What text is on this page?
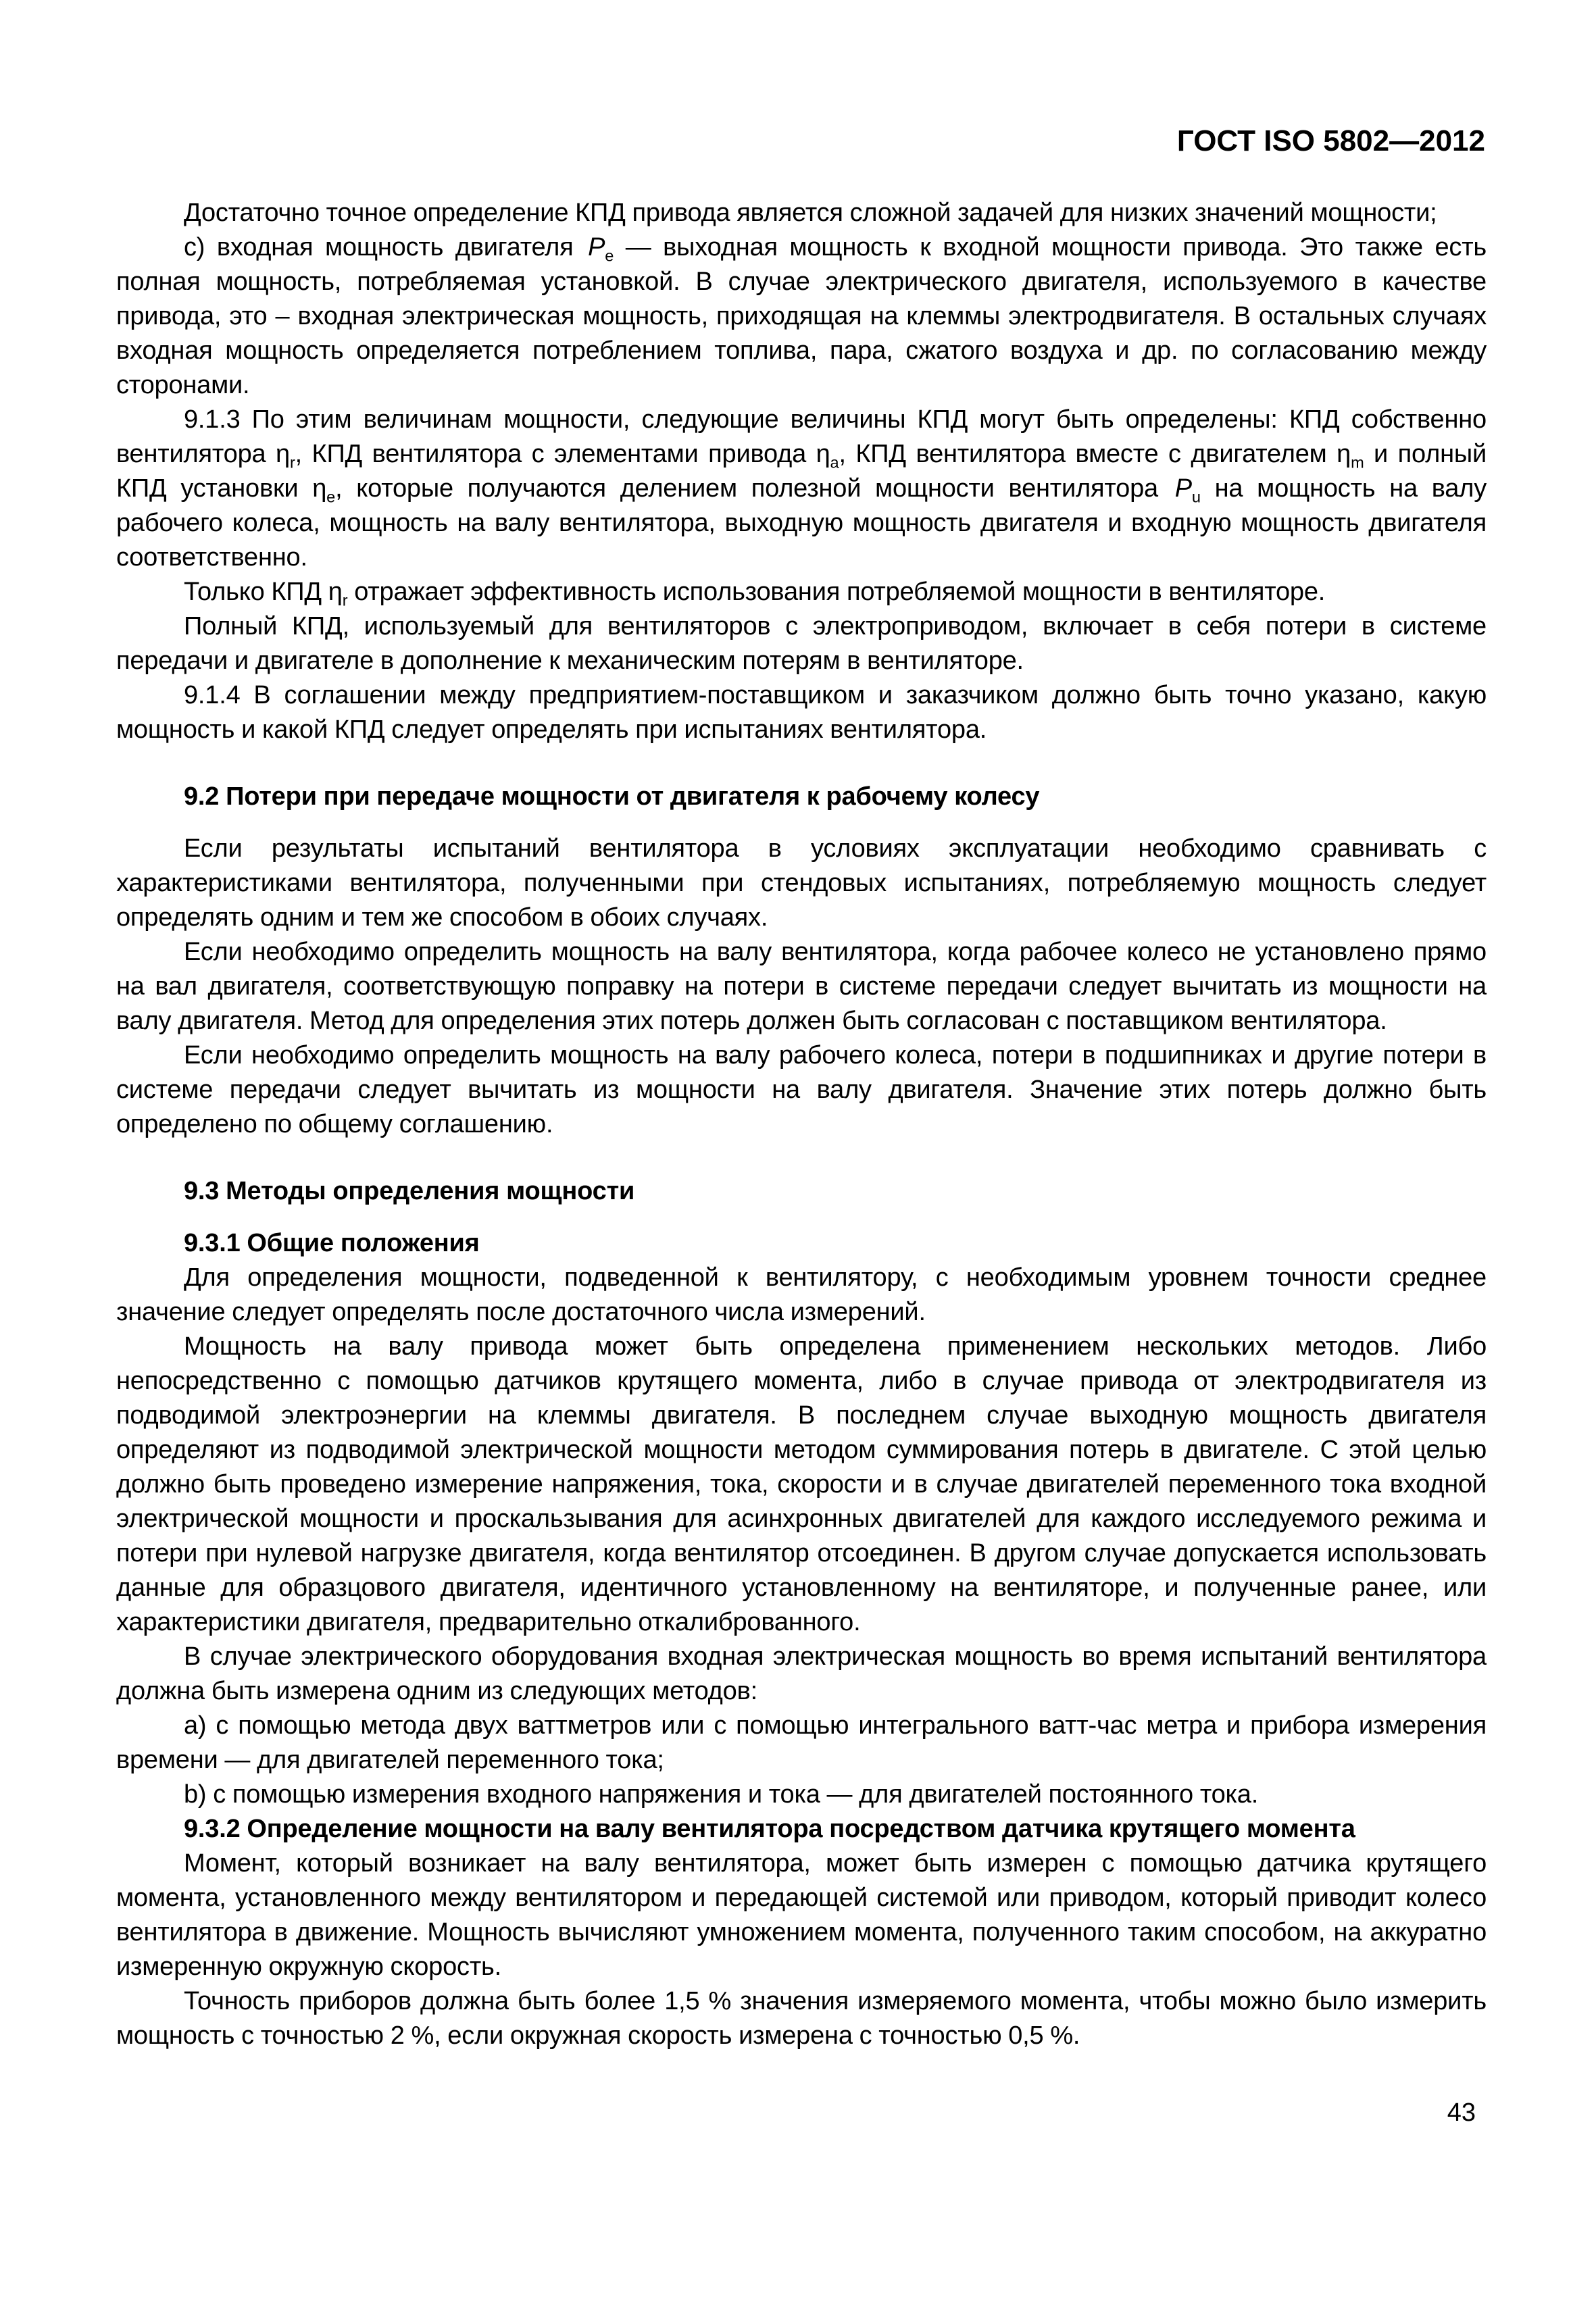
ГОСТ ISO 5802—2012

Достаточно точное определение КПД привода является сложной задачей для низких значений мощности;

c) входная мощность двигателя $P_e$ — выходная мощность к входной мощности привода. Это также есть полная мощность, потребляемая установкой. В случае электрического двигателя, используемого в качестве привода, это – входная электрическая мощность, приходящая на клеммы электродвигателя. В остальных случаях входная мощность определяется потреблением топлива, пара, сжатого воздуха и др. по согласованию между сторонами.

9.1.3 По этим величинам мощности, следующие величины КПД могут быть определены: КПД собственно вентилятора $\eta_r$, КПД вентилятора с элементами привода $\eta_a$, КПД вентилятора вместе с двигателем $\eta_m$ и полный КПД установки $\eta_e$, которые получаются делением полезной мощности вентилятора $P_u$ на мощность на валу рабочего колеса, мощность на валу вентилятора, выходную мощность двигателя и входную мощность двигателя соответственно.

Только КПД $\eta_r$ отражает эффективность использования потребляемой мощности в вентиляторе.

Полный КПД, используемый для вентиляторов с электроприводом, включает в себя потери в системе передачи и двигателе в дополнение к механическим потерям в вентиляторе.

9.1.4 В соглашении между предприятием-поставщиком и заказчиком должно быть точно указано, какую мощность и какой КПД следует определять при испытаниях вентилятора.

9.2 Потери при передаче мощности от двигателя к рабочему колесу

Если результаты испытаний вентилятора в условиях эксплуатации необходимо сравнивать с характеристиками вентилятора, полученными при стендовых испытаниях, потребляемую мощность следует определять одним и тем же способом в обоих случаях.

Если необходимо определить мощность на валу вентилятора, когда рабочее колесо не установлено прямо на вал двигателя, соответствующую поправку на потери в системе передачи следует вычитать из мощности на валу двигателя. Метод для определения этих потерь должен быть согласован с поставщиком вентилятора.

Если необходимо определить мощность на валу рабочего колеса, потери в подшипниках и другие потери в системе передачи следует вычитать из мощности на валу двигателя. Значение этих потерь должно быть определено по общему соглашению.

9.3 Методы определения мощности

9.3.1 Общие положения

Для определения мощности, подведенной к вентилятору, с необходимым уровнем точности среднее значение следует определять после достаточного числа измерений.

Мощность на валу привода может быть определена применением нескольких методов. Либо непосредственно с помощью датчиков крутящего момента, либо в случае привода от электродвигателя из подводимой электроэнергии на клеммы двигателя. В последнем случае выходную мощность двигателя определяют из подводимой электрической мощности методом суммирования потерь в двигателе. С этой целью должно быть проведено измерение напряжения, тока, скорости и в случае двигателей переменного тока входной электрической мощности и проскальзывания для асинхронных двигателей для каждого исследуемого режима и потери при нулевой нагрузке двигателя, когда вентилятор отсоединен. В другом случае допускается использовать данные для образцового двигателя, идентичного установленному на вентиляторе, и полученные ранее, или характеристики двигателя, предварительно откалиброванного.

В случае электрического оборудования входная электрическая мощность во время испытаний вентилятора должна быть измерена одним из следующих методов:

a) с помощью метода двух ваттметров или с помощью интегрального ватт-час метра и прибора измерения времени — для двигателей переменного тока;

b) с помощью измерения входного напряжения и тока — для двигателей постоянного тока.

9.3.2 Определение мощности на валу вентилятора посредством датчика крутящего момента

Момент, который возникает на валу вентилятора, может быть измерен с помощью датчика крутящего момента, установленного между вентилятором и передающей системой или приводом, который приводит колесо вентилятора в движение. Мощность вычисляют умножением момента, полученного таким способом, на аккуратно измеренную окружную скорость.

Точность приборов должна быть более 1,5 % значения измеряемого момента, чтобы можно было измерить мощность с точностью 2 %, если окружная скорость измерена с точностью 0,5 %.

43
